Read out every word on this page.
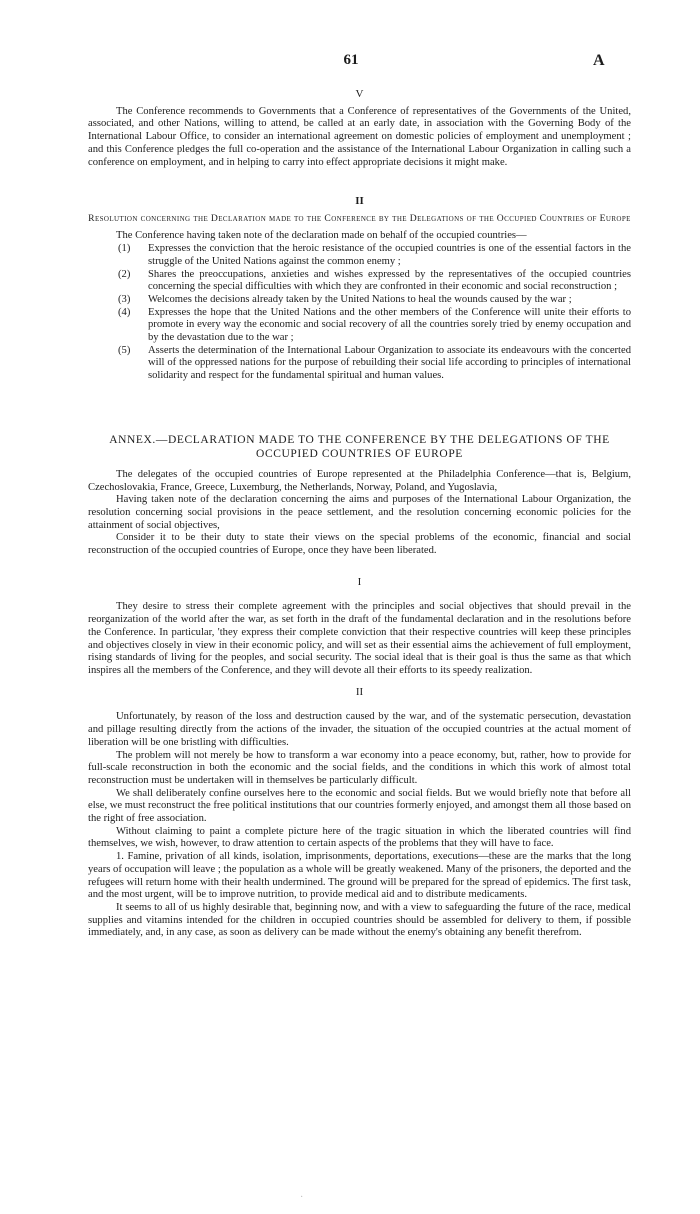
61	A
V

The Conference recommends to Governments that a Conference of representatives of the Governments of the United, associated, and other Nations, willing to attend, be called at an early date, in association with the Governing Body of the International Labour Office, to consider an international agreement on domestic policies of employment and unemployment ; and this Conference pledges the full co-operation and the assistance of the International Labour Organization in calling such a conference on employment, and in helping to carry into effect appropriate decisions it might make.

II
Resolution concerning the Declaration made to the Conference by the Delegations of the Occupied Countries of Europe

The Conference having taken note of the declaration made on behalf of the occupied countries—

(1) Expresses the conviction that the heroic resistance of the occupied countries is one of the essential factors in the struggle of the United Nations against the common enemy ;
(2) Shares the preoccupations, anxieties and wishes expressed by the representatives of the occupied countries concerning the special difficulties with which they are confronted in their economic and social reconstruction ;
(3) Welcomes the decisions already taken by the United Nations to heal the wounds caused by the war ;
(4) Expresses the hope that the United Nations and the other members of the Conference will unite their efforts to promote in every way the economic and social recovery of all the countries sorely tried by enemy occupation and by the devastation due to the war ;
(5) Asserts the determination of the International Labour Organization to associate its endeavours with the concerted will of the oppressed nations for the purpose of rebuilding their social life according to principles of international solidarity and respect for the fundamental spiritual and human values.
ANNEX.—DECLARATION MADE TO THE CONFERENCE BY THE DELEGATIONS OF THE OCCUPIED COUNTRIES OF EUROPE

The delegates of the occupied countries of Europe represented at the Philadelphia Conference—that is, Belgium, Czechoslovakia, France, Greece, Luxemburg, the Netherlands, Norway, Poland, and Yugoslavia,

Having taken note of the declaration concerning the aims and purposes of the International Labour Organization, the resolution concerning social provisions in the peace settlement, and the resolution concerning economic policies for the attainment of social objectives,

Consider it to be their duty to state their views on the special problems of the economic, financial and social reconstruction of the occupied countries of Europe, once they have been liberated.

I

They desire to stress their complete agreement with the principles and social objectives that should prevail in the reorganization of the world after the war, as set forth in the draft of the fundamental declaration and in the resolutions before the Conference. In particular, 'they express their complete conviction that their respective countries will keep these principles and objectives closely in view in their economic policy, and will set as their essential aims the achievement of full employment, rising standards of living for the peoples, and social security. The social ideal that is their goal is thus the same as that which inspires all the members of the Conference, and they will devote all their efforts to its speedy realization.

II

Unfortunately, by reason of the loss and destruction caused by the war, and of the systematic persecution, devastation and pillage resulting directly from the actions of the invader, the situation of the occupied countries at the actual moment of liberation will be one bristling with difficulties.

The problem will not merely be how to transform a war economy into a peace economy, but, rather, how to provide for full-scale reconstruction in both the economic and the social fields, and the conditions in which this work of almost total reconstruction must be undertaken will in themselves be particularly difficult.

We shall deliberately confine ourselves here to the economic and social fields. But we would briefly note that before all else, we must reconstruct the free political institutions that our countries formerly enjoyed, and amongst them all those based on the right of free association.

Without claiming to paint a complete picture here of the tragic situation in which the liberated countries will find themselves, we wish, however, to draw attention to certain aspects of the problems that they will have to face.

1. Famine, privation of all kinds, isolation, imprisonments, deportations, executions—these are the marks that the long years of occupation will leave ; the population as a whole will be greatly weakened. Many of the prisoners, the deported and the refugees will return home with their health undermined. The ground will be prepared for the spread of epidemics. The first task, and the most urgent, will be to improve nutrition, to provide medical aid and to distribute medicaments.

It seems to all of us highly desirable that, beginning now, and with a view to safeguarding the future of the race, medical supplies and vitamins intended for the children in occupied countries should be assembled for delivery to them, if possible immediately, and, in any case, as soon as delivery can be made without the enemy's obtaining any benefit therefrom.

·
